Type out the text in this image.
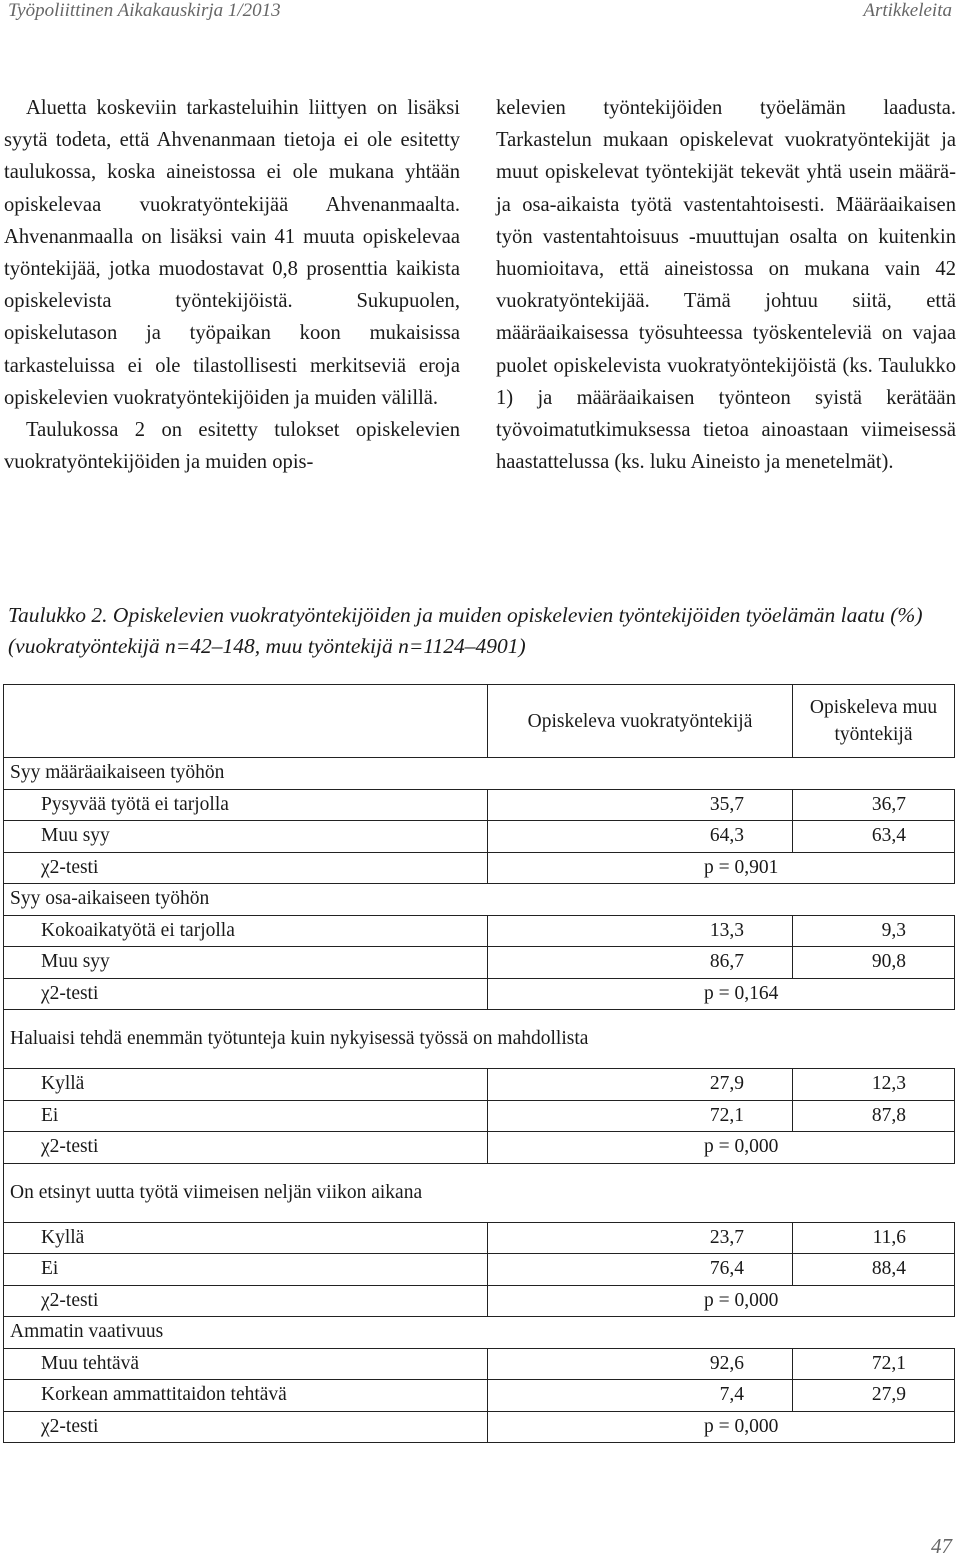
Työpoliittinen Aikakauskirja 1/2013	Artikkeleita

Aluetta koskeviin tarkasteluihin liittyen on lisäksi syytä todeta, että Ahvenanmaan tietoja ei ole esitetty taulukossa, koska aineistossa ei ole mukana yhtään opiskelevaa vuokratyöntekijää Ahvenanmaalta. Ahvenanmaalla on lisäksi vain 41 muuta opiskelevaa työntekijää, jotka muodostavat 0,8 prosenttia kaikista opiskelevista työntekijöistä. Sukupuolen, opiskelutason ja työpaikan koon mukaisissa tarkasteluissa ei ole tilastollisesti merkitseviä eroja opiskelevien vuokratyöntekijöiden ja muiden välillä.

Taulukossa 2 on esitetty tulokset opiskelevien vuokratyöntekijöiden ja muiden opis-

kelevien työntekijöiden työelämän laadusta. Tarkastelun mukaan opiskelevat vuokratyöntekijät ja muut opiskelevat työntekijät tekevät yhtä usein määrä- ja osa-aikaista työtä vastentahtoisesti. Määräaikaisen työn vastentahtoisuus -muuttujan osalta on kuitenkin huomioitava, että aineistossa on mukana vain 42 vuokratyöntekijää. Tämä johtuu siitä, että määräaikaisessa työsuhteessa työskenteleviä on vajaa puolet opiskelevista vuokratyöntekijöistä (ks. Taulukko 1) ja määräaikaisen työnteon syistä kerätään työvoimatutkimuksessa tietoa ainoastaan viimeisessä haastattelussa (ks. luku Aineisto ja menetelmät).

Taulukko 2. Opiskelevien vuokratyöntekijöiden ja muiden opiskelevien työntekijöiden työelämän laatu (%) (vuokratyöntekijä n=42–148, muu työntekijä n=1124–4901)
	Opiskeleva vuokratyöntekijä	Opiskeleva muu työntekijä
Syy määräaikaiseen työhön		
Pysyvää työtä ei tarjolla	35,7	36,7
Muu syy	64,3	63,4
χ2-testi	p = 0,901	
Syy osa-aikaiseen työhön		
Kokoaikatyötä ei tarjolla	13,3	9,3
Muu syy	86,7	90,8
χ2-testi	p = 0,164	
Haluaisi tehdä enemmän työtunteja kuin nykyisessä työssä on mahdollista		
Kyllä	27,9	12,3
Ei	72,1	87,8
χ2-testi	p = 0,000	
On etsinyt uutta työtä viimeisen neljän viikon aikana		
Kyllä	23,7	11,6
Ei	76,4	88,4
χ2-testi	p = 0,000	
Ammatin vaativuus		
Muu tehtävä	92,6	72,1
Korkean ammattitaidon tehtävä	7,4	27,9
χ2-testi	p = 0,000	
47
